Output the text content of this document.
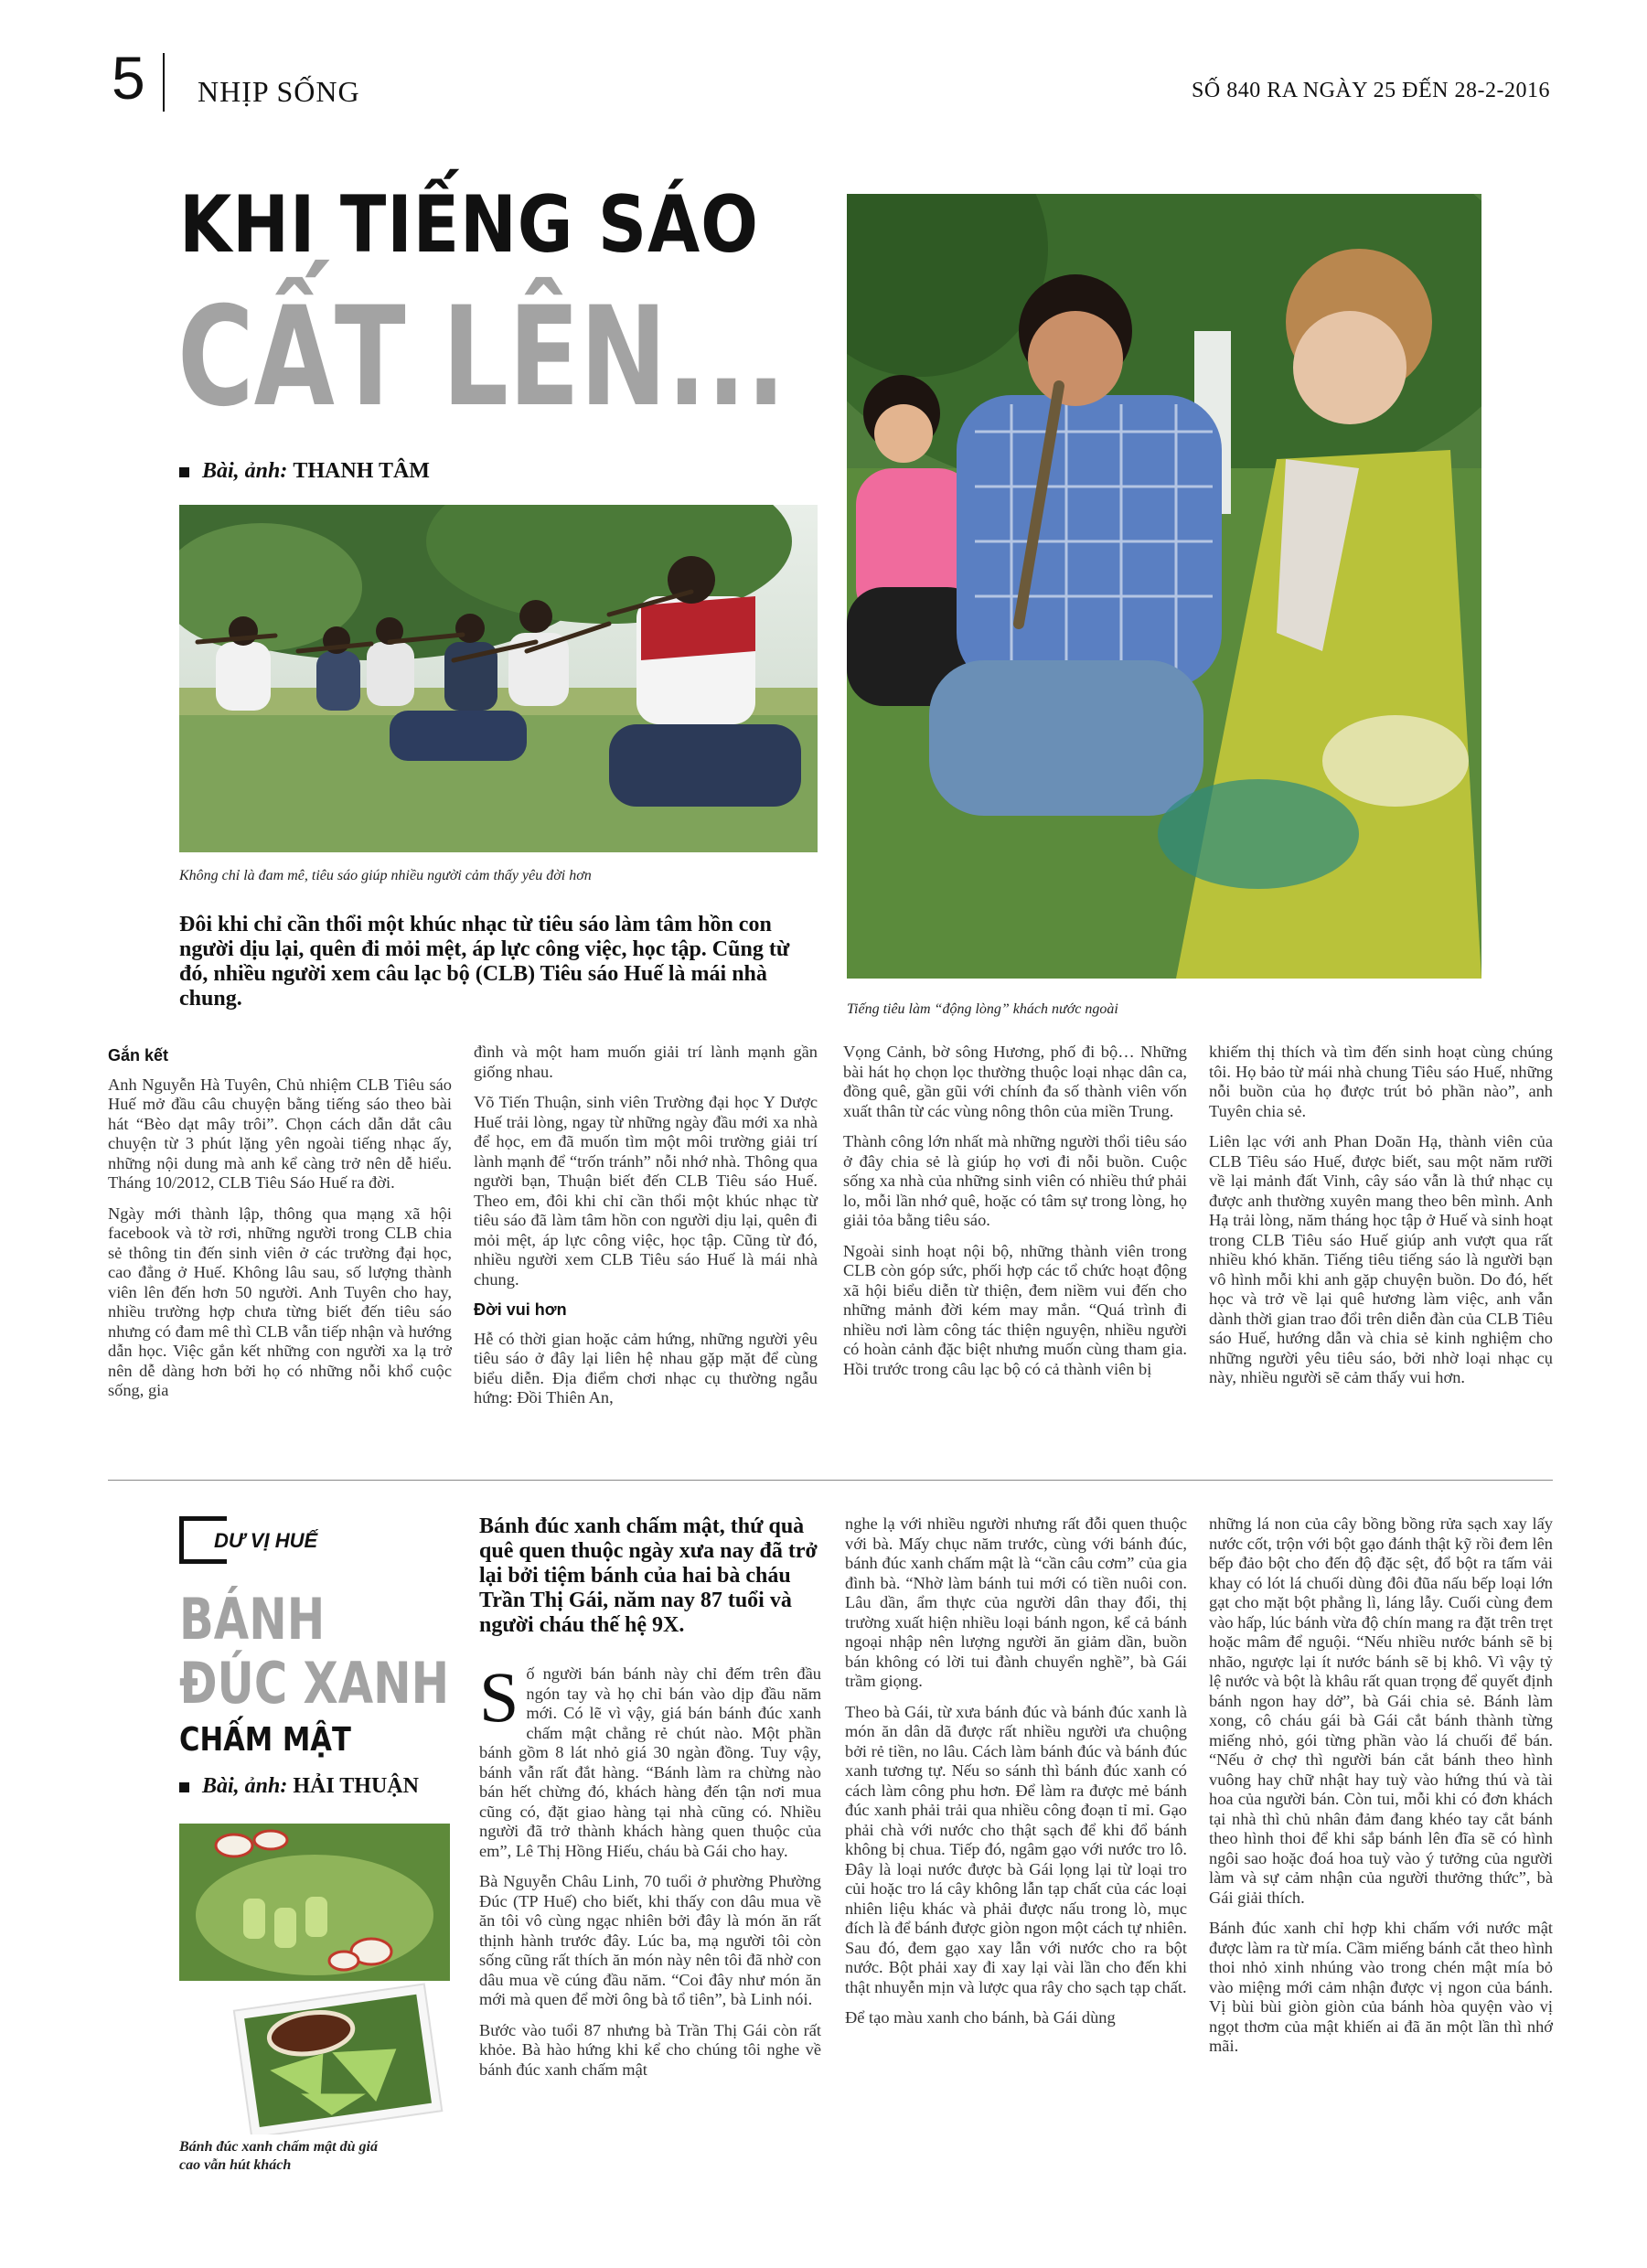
5 NHỊP SỐNG	SỐ 840 RA NGÀY 25 ĐẾN 28-2-2016
KHI TIẾNG SÁO
CẤT LÊN...
Bài, ảnh: THANH TÂM
Không chỉ là đam mê, tiêu sáo giúp nhiều người cảm thấy yêu đời hơn
Tiếng tiêu làm “động lòng” khách nước ngoài
Đôi khi chỉ cần thổi một khúc nhạc từ tiêu sáo làm tâm hồn con người dịu lại, quên đi mỏi mệt, áp lực công việc, học tập. Cũng từ đó, nhiều người xem câu lạc bộ (CLB) Tiêu sáo Huế là mái nhà chung.
Gắn kết

Anh Nguyễn Hà Tuyên, Chủ nhiệm CLB Tiêu sáo Huế mở đầu câu chuyện bằng tiếng sáo theo bài hát “Bèo dạt mây trôi”. Chọn cách dẫn dắt câu chuyện từ 3 phút lặng yên ngoài tiếng nhạc ấy, những nội dung mà anh kể càng trở nên dễ hiểu. Tháng 10/2012, CLB Tiêu Sáo Huế ra đời.

Ngày mới thành lập, thông qua mạng xã hội facebook và tờ rơi, những người trong CLB chia sẻ thông tin đến sinh viên ở các trường đại học, cao đẳng ở Huế. Không lâu sau, số lượng thành viên lên đến hơn 50 người. Anh Tuyên cho hay, nhiều trường hợp chưa từng biết đến tiêu sáo nhưng có đam mê thì CLB vẫn tiếp nhận và hướng dẫn học. Việc gắn kết những con người xa lạ trở nên dễ dàng hơn bởi họ có những nỗi khổ cuộc sống, gia

đình và một ham muốn giải trí lành mạnh gần giống nhau.

Võ Tiến Thuận, sinh viên Trường đại học Y Dược Huế trải lòng, ngay từ những ngày đầu mới xa nhà để học, em đã muốn tìm một môi trường giải trí lành mạnh để “trốn tránh” nỗi nhớ nhà. Thông qua người bạn, Thuận biết đến CLB Tiêu sáo Huế. Theo em, đôi khi chỉ cần thổi một khúc nhạc từ tiêu sáo đã làm tâm hồn con người dịu lại, quên đi mỏi mệt, áp lực công việc, học tập. Cũng từ đó, nhiều người xem CLB Tiêu sáo Huế là mái nhà chung.

Đời vui hơn

Hễ có thời gian hoặc cảm hứng, những người yêu tiêu sáo ở đây lại liên hệ nhau gặp mặt để cùng biểu diễn. Địa điểm chơi nhạc cụ thường ngẫu hứng: Đồi Thiên An,

Vọng Cảnh, bờ sông Hương, phố đi bộ… Những bài hát họ chọn lọc thường thuộc loại nhạc dân ca, đồng quê, gần gũi với chính đa số thành viên vốn xuất thân từ các vùng nông thôn của miền Trung.

Thành công lớn nhất mà những người thổi tiêu sáo ở đây chia sẻ là giúp họ vơi đi nỗi buồn. Cuộc sống xa nhà của những sinh viên có nhiều thứ phải lo, mỗi lần nhớ quê, hoặc có tâm sự trong lòng, họ giải tỏa bằng tiêu sáo.

Ngoài sinh hoạt nội bộ, những thành viên trong CLB còn góp sức, phối hợp các tổ chức hoạt động xã hội biểu diễn từ thiện, đem niềm vui đến cho những mảnh đời kém may mắn. “Quá trình đi nhiều nơi làm công tác thiện nguyện, nhiều người có hoàn cảnh đặc biệt nhưng muốn cùng tham gia. Hồi trước trong câu lạc bộ có cả thành viên bị

khiếm thị thích và tìm đến sinh hoạt cùng chúng tôi. Họ bảo từ mái nhà chung Tiêu sáo Huế, những nỗi buồn của họ được trút bỏ phần nào”, anh Tuyên chia sẻ.

Liên lạc với anh Phan Doãn Hạ, thành viên của CLB Tiêu sáo Huế, được biết, sau một năm rưỡi về lại mảnh đất Vinh, cây sáo vẫn là thứ nhạc cụ được anh thường xuyên mang theo bên mình. Anh Hạ trải lòng, năm tháng học tập ở Huế và sinh hoạt trong CLB Tiêu sáo Huế giúp anh vượt qua rất nhiều khó khăn. Tiếng tiêu tiếng sáo là người bạn vô hình mỗi khi anh gặp chuyện buồn. Do đó, hết học và trở về lại quê hương làm việc, anh vẫn dành thời gian trao đổi trên diễn đàn của CLB Tiêu sáo Huế, hướng dẫn và chia sẻ kinh nghiệm cho những người yêu tiêu sáo, bởi nhờ loại nhạc cụ này, nhiều người sẽ cảm thấy vui hơn.

DƯ VỊ HUẾ
BÁNH
ĐÚC XANH
CHẤM MẬT
Bài, ảnh: HẢI THUẬN
Bánh đúc xanh chấm mật dù giá cao vẫn hút khách
Bánh đúc xanh chấm mật, thứ quà quê quen thuộc ngày xưa nay đã trở lại bởi tiệm bánh của hai bà cháu Trần Thị Gái, năm nay 87 tuổi và người cháu thế hệ 9X.

Số người bán bánh này chỉ đếm trên đầu ngón tay và họ chỉ bán vào dịp đầu năm mới. Có lẽ vì vậy, giá bán bánh đúc xanh chấm mật chẳng rẻ chút nào. Một phần bánh gồm 8 lát nhỏ giá 30 ngàn đồng. Tuy vậy, bánh vẫn rất đắt hàng. “Bánh làm ra chừng nào bán hết chừng đó, khách hàng đến tận nơi mua cũng có, đặt giao hàng tại nhà cũng có. Nhiều người đã trở thành khách hàng quen thuộc của em”, Lê Thị Hồng Hiếu, cháu bà Gái cho hay.

Bà Nguyễn Châu Linh, 70 tuổi ở phường Phường Đúc (TP Huế) cho biết, khi thấy con dâu mua về ăn tôi vô cùng ngạc nhiên bởi đây là món ăn rất thịnh hành trước đây. Lúc ba, mạ người tôi còn sống cũng rất thích ăn món này nên tôi đã nhờ con dâu mua về cúng đầu năm. “Coi đây như món ăn mới mà quen để mời ông bà tổ tiên”, bà Linh nói.

Bước vào tuổi 87 nhưng bà Trần Thị Gái còn rất khỏe. Bà hào hứng khi kể cho chúng tôi nghe về bánh đúc xanh chấm mật

nghe lạ với nhiều người nhưng rất đỗi quen thuộc với bà. Mấy chục năm trước, cùng với bánh đúc, bánh đúc xanh chấm mật là “cần câu cơm” của gia đình bà. “Nhờ làm bánh tui mới có tiền nuôi con. Lâu dần, ẩm thực của người dân thay đổi, thị trường xuất hiện nhiều loại bánh ngon, kể cả bánh ngoại nhập nên lượng người ăn giảm dần, buồn bán không có lời tui đành chuyển nghề”, bà Gái trầm giọng.

Theo bà Gái, từ xưa bánh đúc và bánh đúc xanh là món ăn dân dã được rất nhiều người ưa chuộng bởi rẻ tiền, no lâu. Cách làm bánh đúc và bánh đúc xanh tương tự. Nếu so sánh thì bánh đúc xanh có cách làm công phu hơn. Để làm ra được mẻ bánh đúc xanh phải trải qua nhiều công đoạn tỉ mỉ. Gạo phải chà với nước cho thật sạch để khi đổ bánh không bị chua. Tiếp đó, ngâm gạo với nước tro lô. Đây là loại nước được bà Gái lọng lại từ loại tro củi hoặc tro lá cây không lẫn tạp chất của các loại nhiên liệu khác và phải được nấu trong lò, mục đích là để bánh được giòn ngon một cách tự nhiên. Sau đó, đem gạo xay lẫn với nước cho ra bột nước. Bột phải xay đi xay lại vài lần cho đến khi thật nhuyễn mịn và lược qua rây cho sạch tạp chất.

Để tạo màu xanh cho bánh, bà Gái dùng

những lá non của cây bồng bồng rửa sạch xay lấy nước cốt, trộn với bột gạo đánh thật kỹ rồi đem lên bếp đảo bột cho đến độ đặc sệt, đổ bột ra tấm vải khay có lót lá chuối dùng đôi đũa nấu bếp loại lớn gạt cho mặt bột phẳng lì, láng lẫy. Cuối cùng đem vào hấp, lúc bánh vừa độ chín mang ra đặt trên trẹt hoặc mâm để nguội. “Nếu nhiều nước bánh sẽ bị nhão, ngược lại ít nước bánh sẽ bị khô. Vì vậy tỷ lệ nước và bột là khâu rất quan trọng để quyết định bánh ngon hay dở”, bà Gái chia sẻ. Bánh làm xong, cô cháu gái bà Gái cắt bánh thành từng miếng nhỏ, gói từng phần vào lá chuối để bán. “Nếu ở chợ thì người bán cắt bánh theo hình vuông hay chữ nhật hay tuỳ vào hứng thú và tài hoa của người bán. Còn tui, mỗi khi có đơn khách tại nhà thì chủ nhân đảm đang khéo tay cắt bánh theo hình thoi để khi sắp bánh lên đĩa sẽ có hình ngôi sao hoặc đoá hoa tuỳ vào ý tưởng của người làm và sự cảm nhận của người thưởng thức”, bà Gái giải thích.

Bánh đúc xanh chỉ hợp khi chấm với nước mật được làm ra từ mía. Cầm miếng bánh cắt theo hình thoi nhỏ xinh nhúng vào trong chén mật mía bỏ vào miệng mới cảm nhận được vị ngon của bánh. Vị bùi bùi giòn giòn của bánh hòa quyện vào vị ngọt thơm của mật khiến ai đã ăn một lần thì nhớ mãi.
